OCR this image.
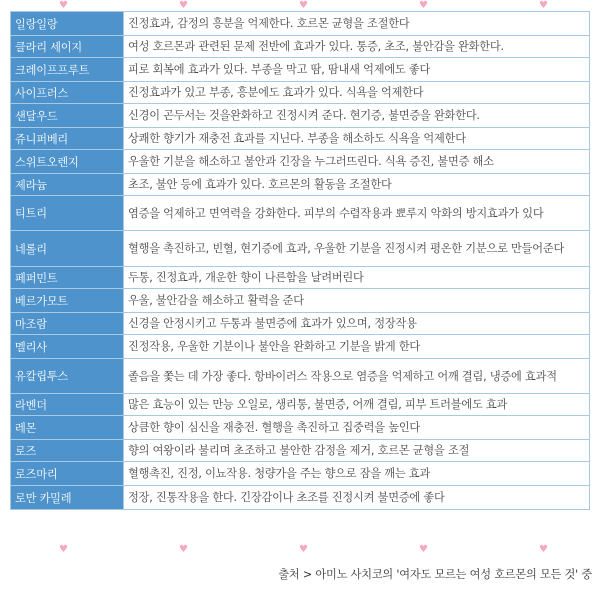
♥	♥	♥	♥	♥
일랑일랑	진정효과, 감정의 흥분을 억제한다. 호르몬 균형을 조절한다
클라리 세이지	여성 호르몬과 관련된 문제 전반에 효과가 있다. 통증, 초조, 불안감을 완화한다.
크레이프프루트	피로 회복에 효과가 있다. 부종을 막고 땀, 땀내새 억제에도 좋다
사이프러스	진정효과가 있고 부종, 흥분에도 효과가 있다. 식욕을 억제한다
샌달우드	신경이 곤두서는 것을완화하고 진정시켜 준다. 현기증, 불면증을 완화한다.
쥬니퍼베리	상쾌한 향기가 재충전 효과를 지닌다. 부종을 해소하도 식욕을 억제한다
스위트오렌지	우울한 기분을 해소하고 불안과 긴장을 누그러뜨린다. 식욕 증진, 불면증 해소
제라늄	초조, 불안 등에 효과가 있다. 호르몬의 활동을 조절한다
티트리	염증을 억제하고 면역력을 강화한다. 피부의 수렴작용과 뾰루지 악화의 방지효과가 있다
네롤리	혈행을 촉진하고, 빈혈, 현기증에 효과, 우울한 기분을 진정시켜 평온한 기분으로 만들어준다
페퍼민트	두통, 진정효과, 개운한 향이 나른함을 날려버린다
베르가모트	우울, 불안감을 해소하고 활력을 준다
마조람	신경을 안정시키고 두통과 불면증에 효과가 있으며, 정장작용
멜리사	진정작용, 우울한 기분이나 불안을 완화하고 기분을 밝게 한다
유칼립투스	졸음을 쫓는 데 가장 좋다. 항바이러스 작용으로 염증을 억제하고 어깨 결림, 냉증에 효과적
라벤더	많은 효능이 있는 만능 오일로, 생리통, 불면증, 어깨 결림, 피부 트러블에도 효과
레몬	상큼한 향이 심신을 재충전. 혈행을 촉진하고 집중력을 높인다
로즈	향의 여왕이라 불리며 초조하고 불안한 감정을 제거, 호르몬 균형을 조절
로즈마리	혈행촉진, 진정, 이뇨작용. 청량가을 주는 향으로 잠을 깨는 효과
로만 카밀레	정장, 진통작용을 한다. 긴장감이나 초조를 진정시켜 불면증에 좋다
♥	♥	♥	♥	♥
출처 > 아미노 사치코의 '여자도 모르는 여성 호르몬의 모든 것' 중
